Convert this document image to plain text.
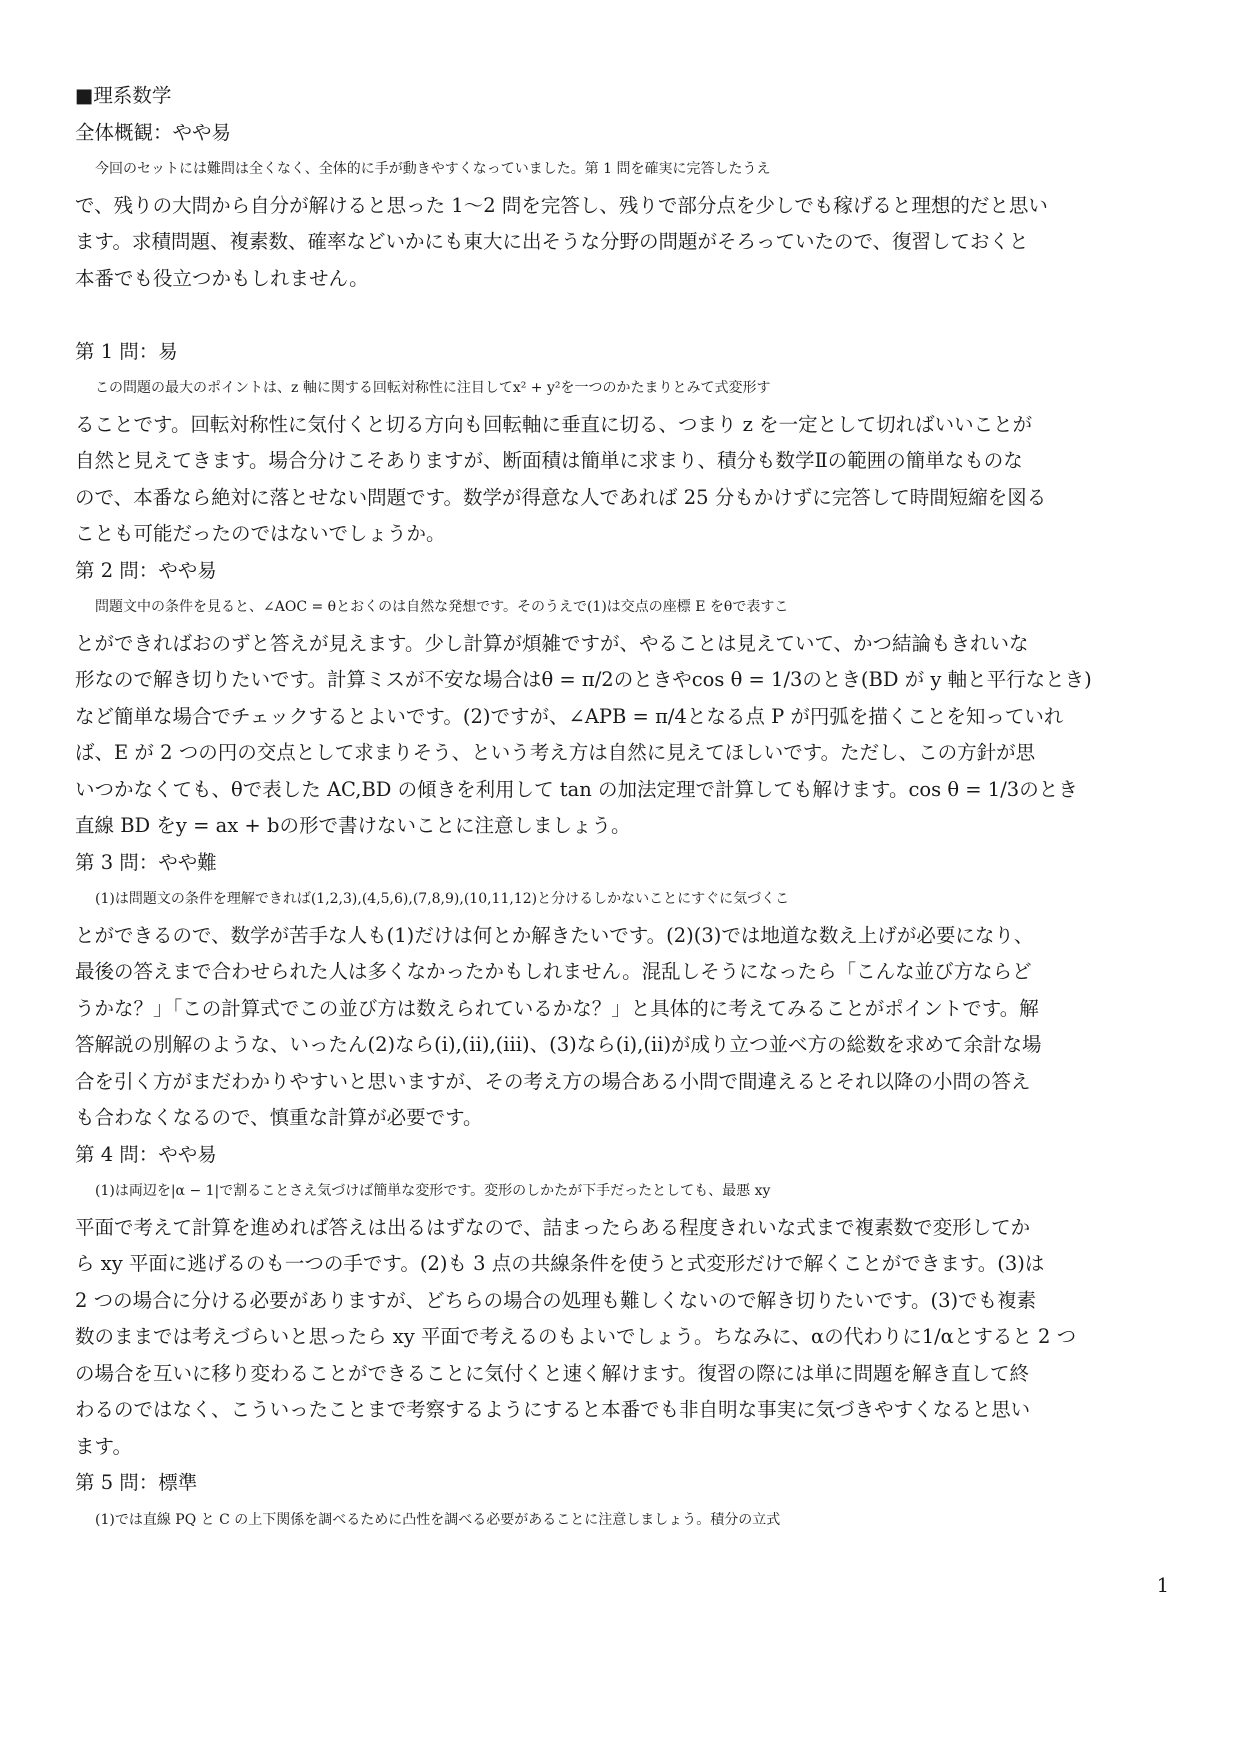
■理系数学
全体概観：やや易
今回のセットには難問は全くなく、全体的に手が動きやすくなっていました。第 1 問を確実に完答したうえ
で、残りの大問から自分が解けると思った 1～2 問を完答し、残りで部分点を少しでも稼げると理想的だと思い
ます。求積問題、複素数、確率などいかにも東大に出そうな分野の問題がそろっていたので、復習しておくと
本番でも役立つかもしれません。
第 1 問：易
この問題の最大のポイントは、z 軸に関する回転対称性に注目してx² + y²を一つのかたまりとみて式変形す
ることです。回転対称性に気付くと切る方向も回転軸に垂直に切る、つまり z を一定として切ればいいことが
自然と見えてきます。場合分けこそありますが、断面積は簡単に求まり、積分も数学Ⅱの範囲の簡単なものな
ので、本番なら絶対に落とせない問題です。数学が得意な人であれば 25 分もかけずに完答して時間短縮を図る
ことも可能だったのではないでしょうか。
第 2 問：やや易
問題文中の条件を見ると、∠AOC = θとおくのは自然な発想です。そのうえで(1)は交点の座標 E をθで表すこ
とができればおのずと答えが見えます。少し計算が煩雑ですが、やることは見えていて、かつ結論もきれいな
形なので解き切りたいです。計算ミスが不安な場合はθ = π/2のときやcos θ = 1/3のとき(BD が y 軸と平行なとき)
など簡単な場合でチェックするとよいです。(2)ですが、∠APB = π/4となる点 P が円弧を描くことを知っていれ
ば、E が 2 つの円の交点として求まりそう、という考え方は自然に見えてほしいです。ただし、この方針が思
いつかなくても、θで表した AC,BD の傾きを利用して tan の加法定理で計算しても解けます。cos θ = 1/3のとき
直線 BD をy = ax + bの形で書けないことに注意しましょう。
第 3 問：やや難
(1)は問題文の条件を理解できれば(1,2,3),(4,5,6),(7,8,9),(10,11,12)と分けるしかないことにすぐに気づくこ
とができるので、数学が苦手な人も(1)だけは何とか解きたいです。(2)(3)では地道な数え上げが必要になり、
最後の答えまで合わせられた人は多くなかったかもしれません。混乱しそうになったら「こんな並び方ならど
うかな？」「この計算式でこの並び方は数えられているかな？」と具体的に考えてみることがポイントです。解
答解説の別解のような、いったん(2)なら(i),(ii),(iii)、(3)なら(i),(ii)が成り立つ並べ方の総数を求めて余計な場
合を引く方がまだわかりやすいと思いますが、その考え方の場合ある小問で間違えるとそれ以降の小問の答え
も合わなくなるので、慎重な計算が必要です。
第 4 問：やや易
(1)は両辺を|α − 1|で割ることさえ気づけば簡単な変形です。変形のしかたが下手だったとしても、最悪 xy
平面で考えて計算を進めれば答えは出るはずなので、詰まったらある程度きれいな式まで複素数で変形してか
ら xy 平面に逃げるのも一つの手です。(2)も 3 点の共線条件を使うと式変形だけで解くことができます。(3)は
2 つの場合に分ける必要がありますが、どちらの場合の処理も難しくないので解き切りたいです。(3)でも複素
数のままでは考えづらいと思ったら xy 平面で考えるのもよいでしょう。ちなみに、αの代わりに1/αとすると 2 つ
の場合を互いに移り変わることができることに気付くと速く解けます。復習の際には単に問題を解き直して終
わるのではなく、こういったことまで考察するようにすると本番でも非自明な事実に気づきやすくなると思い
ます。
第 5 問：標準
(1)では直線 PQ と C の上下関係を調べるために凸性を調べる必要があることに注意しましょう。積分の立式
1
